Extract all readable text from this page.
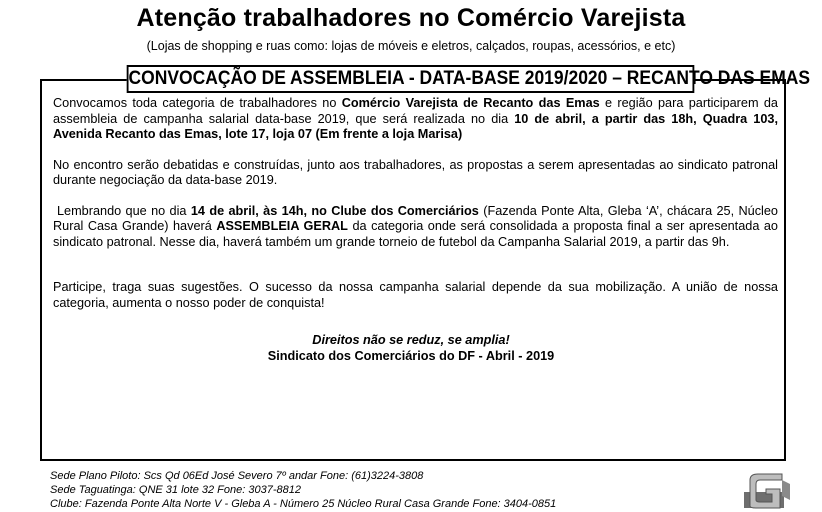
Atenção trabalhadores no Comércio Varejista
(Lojas de shopping e ruas como: lojas de móveis e eletros, calçados, roupas, acessórios, e etc)
CONVOCAÇÃO DE ASSEMBLEIA - DATA-BASE 2019/2020 – RECANTO DAS EMAS

Convocamos toda categoria de trabalhadores no Comércio Varejista de Recanto das Emas e região para participarem da assembleia de campanha salarial data-base 2019, que será realizada no dia 10 de abril, a partir das 18h, Quadra 103, Avenida Recanto das Emas, lote 17, loja 07 (Em frente a loja Marisa)

No encontro serão debatidas e construídas, junto aos trabalhadores, as propostas a serem apresentadas ao sindicato patronal durante negociação da data-base 2019.

Lembrando que no dia 14 de abril, às 14h, no Clube dos Comerciários (Fazenda Ponte Alta, Gleba ‘A’, chácara 25, Núcleo Rural Casa Grande) haverá ASSEMBLEIA GERAL da categoria onde será consolidada a proposta final a ser apresentada ao sindicato patronal. Nesse dia, haverá também um grande torneio de futebol da Campanha Salarial 2019, a partir das 9h.

Participe, traga suas sugestões. O sucesso da nossa campanha salarial depende da sua mobilização. A união de nossa categoria, aumenta o nosso poder de conquista!

Direitos não se reduz, se amplia!
Sindicato dos Comerciários do DF - Abril - 2019
Sede Plano Piloto: Scs Qd 06Ed José Severo 7º andar Fone: (61)3224-3808
Sede Taguatinga: QNE 31 lote 32 Fone: 3037-8812
Clube: Fazenda Ponte Alta Norte V - Gleba A - Número 25 Núcleo Rural Casa Grande Fone: 3404-0851
